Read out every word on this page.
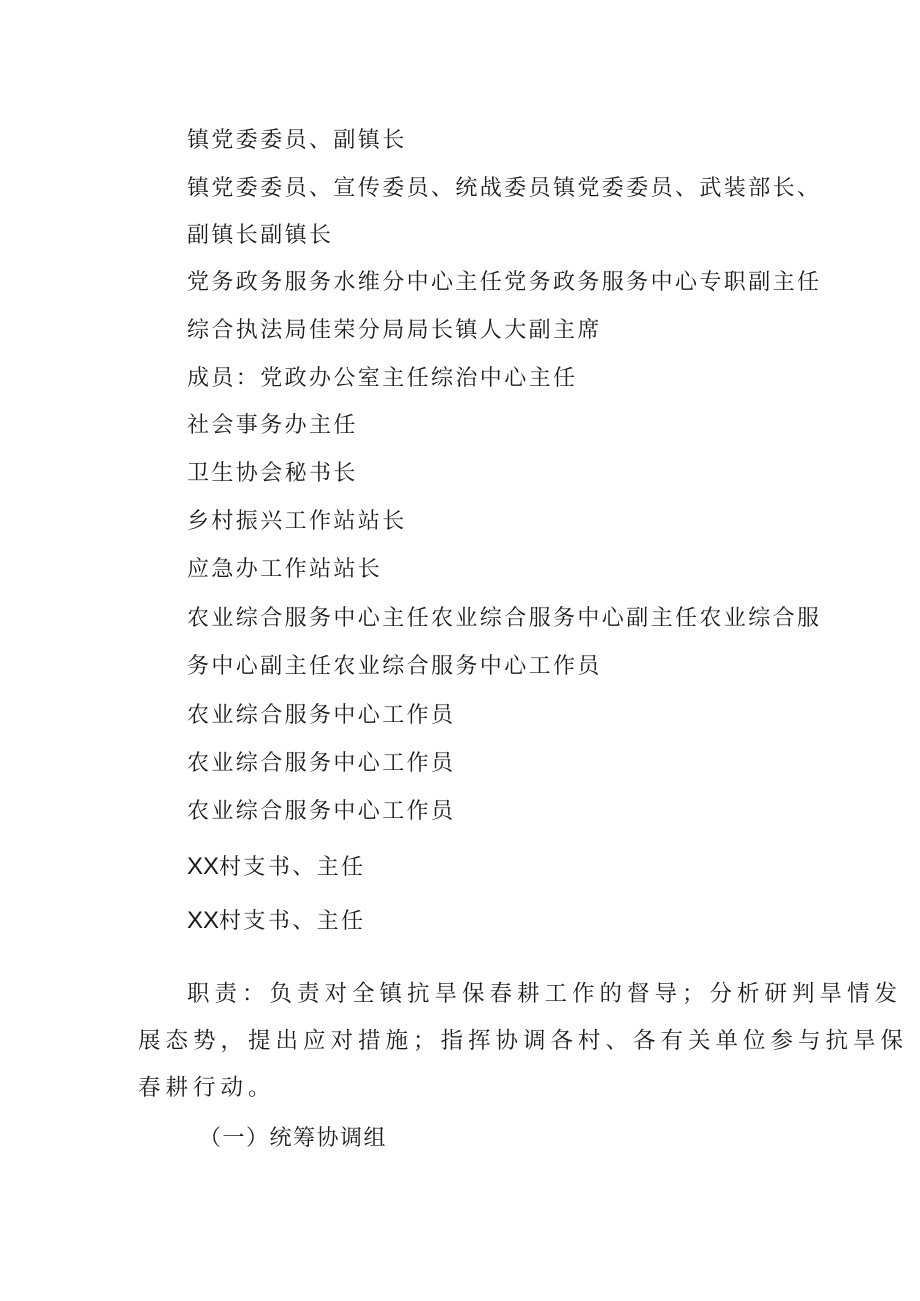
镇党委委员、副镇长
镇党委委员、宣传委员、统战委员镇党委委员、武装部长、
副镇长副镇长
党务政务服务水维分中心主任党务政务服务中心专职副主任
综合执法局佳荣分局局长镇人大副主席
成员：党政办公室主任综治中心主任
社会事务办主任
卫生协会秘书长
乡村振兴工作站站长
应急办工作站站长
农业综合服务中心主任农业综合服务中心副主任农业综合服
务中心副主任农业综合服务中心工作员
农业综合服务中心工作员
农业综合服务中心工作员
农业综合服务中心工作员
XX村支书、主任
XX村支书、主任
职责：负责对全镇抗旱保春耕工作的督导；分析研判旱情发
展态势，提出应对措施；指挥协调各村、各有关单位参与抗旱保
春耕行动。
（一）统筹协调组
